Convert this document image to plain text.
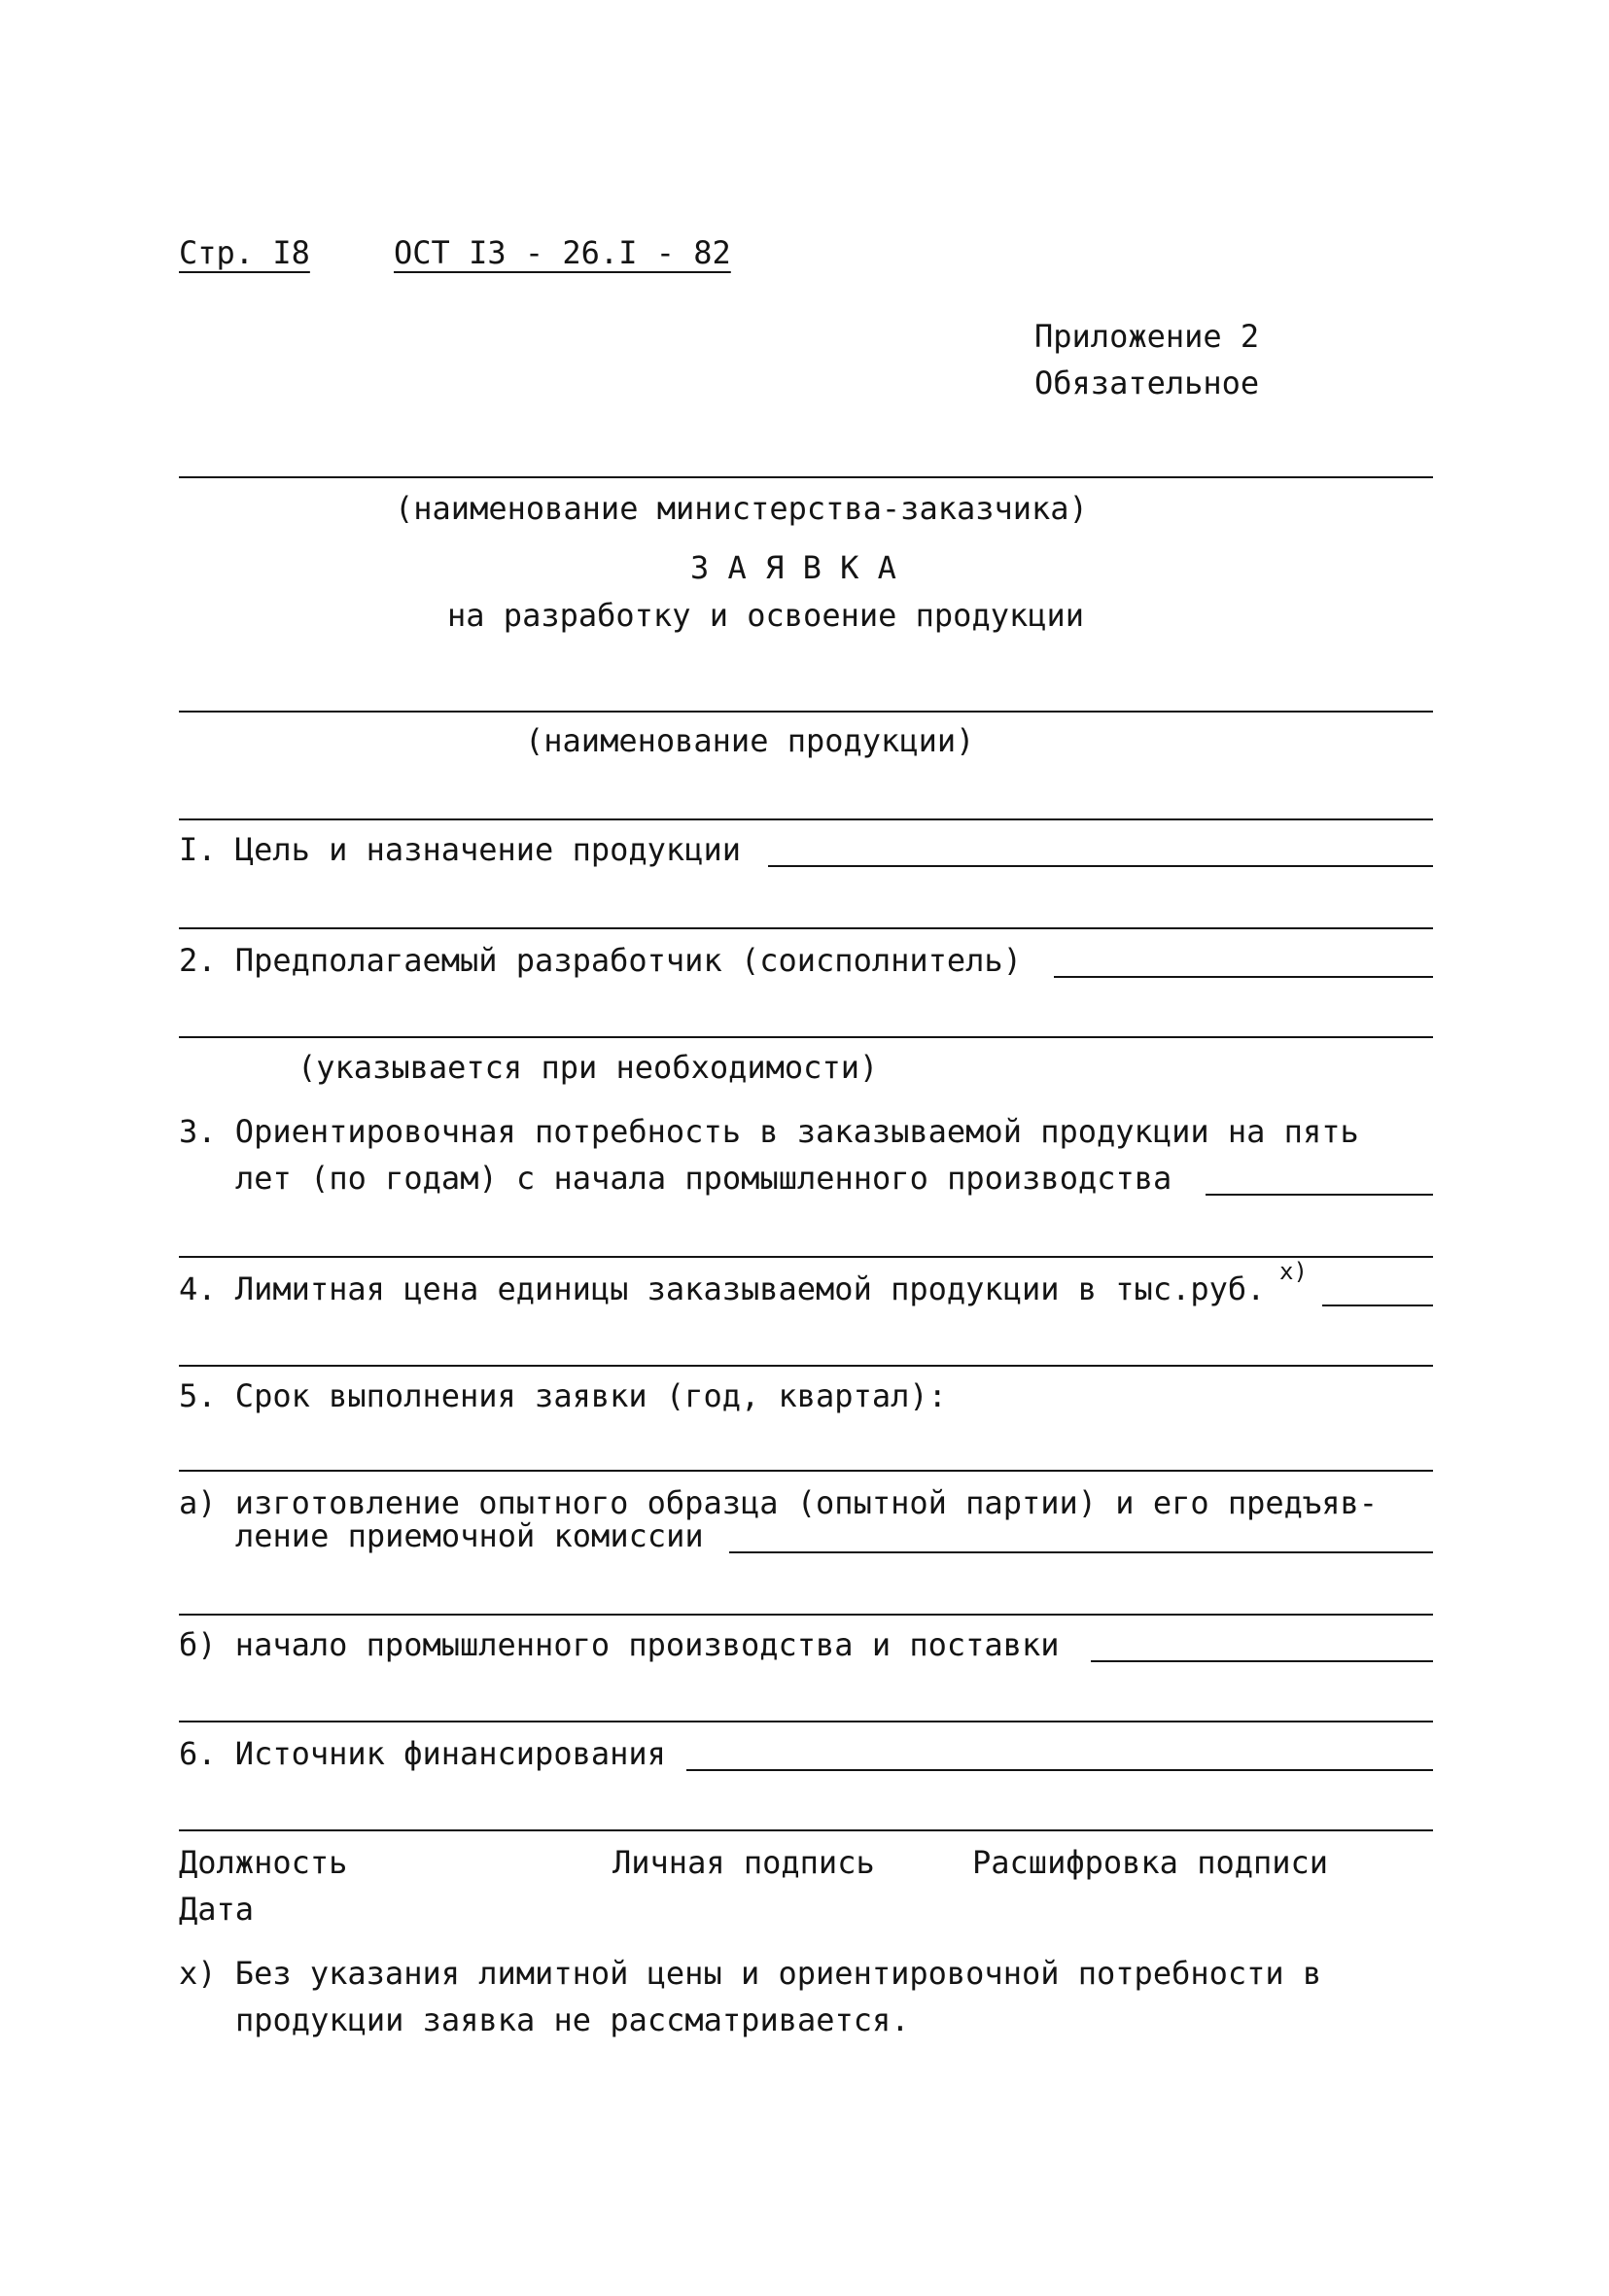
Стр. I8	ОСТ I3 - 26.I - 82
Приложение 2
Обязательное
(наименование министерства-заказчика)
З А Я В К А
на разработку и освоение продукции
(наименование продукции)
I. Цель и назначение продукции
2. Предполагаемый разработчик (соисполнитель)
(указывается при необходимости)
3. Ориентировочная потребность в заказываемой продукции на пять
лет (по годам) с начала промышленного производства
4. Лимитная цена единицы заказываемой продукции в тыс.руб. х)
5. Срок выполнения заявки (год, квартал):
а) изготовление опытного образца (опытной партии) и его предъяв-
ление приемочной комиссии
б) начало промышленного производства и поставки
6. Источник финансирования
Должность	Личная подпись	Расшифровка подписи
Дата
х) Без указания лимитной цены и ориентировочной потребности в
продукции заявка не рассматривается.
